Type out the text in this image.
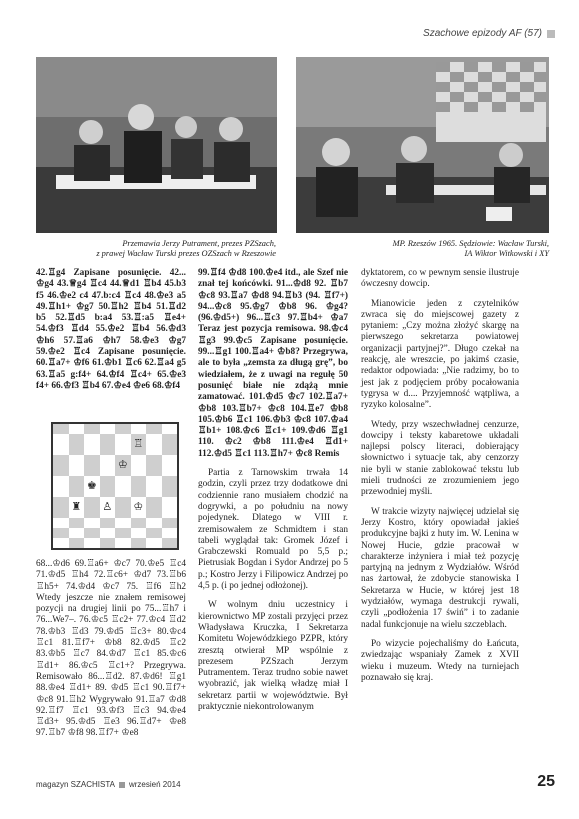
Szachowe epizody AF (57)
Przemawia Jerzy Putrament, prezes PZSzach,
z prawej Wacław Turski prezes OZSzach w Rzeszowie
MP. Rzeszów 1965. Sędziowie: Wacław Turski,
IA Wiktor Witkowski i XY

42.♖g4 Zapisane posunięcie. 42... ♔g4 43.♕g4 ♖c4 44.♕d1 ♖b4 45.b3 f5 46.♔e2 c4 47.b:c4 ♖c4 48.♔e3 a5 49.♖h1+ ♔g7 50.♖h2 ♖b4 51.♖d2 b5 52.♖d5 b:a4 53.♖:a5 ♖e4+ 54.♔f3 ♖d4 55.♔e2 ♖b4 56.♔d3 ♔h6 57.♖a6 ♔h7 58.♔e3 ♔g7 59.♔e2 ♖c4 Zapisane posunięcie. 60.♖a7+ ♔f6 61.♔b1 ♖c6 62.♖a4 g5 63.♖a5 g:f4+ 64.♔f4 ♖c4+ 65.♔e3 f4+ 66.♔f3 ♖b4 67.♔e4 ♔e6 68.♔f4

♖
♔
♚
♜ ♙ ♔

68...♔d6 69.♖a6+ ♔c7 70.♔e5 ♖c4 71.♔d5 ♖h4 72.♖c6+ ♔d7 73.♖b6 ♖h5+ 74.♔d4 ♔c7 75. ♖f6 ♖h2 Wtedy jeszcze nie znałem remisowej pozycji na drugiej linii po 75...♖h7 i 76...We7–. 76.♔c5 ♖c2+ 77.♔c4 ♖d2 78.♔b3 ♖d3 79.♔d5 ♖c3+ 80.♔c4 ♖c1 81.♖f7+ ♔b8 82.♔d5 ♖c2 83.♔b5 ♖c7 84.♔d7 ♖c1 85.♔c6 ♖d1+ 86.♔c5 ♖c1+? Przegrywa. Remisowało 86...♖d2. 87.♔d6! ♖g1 88.♔e4 ♖d1+ 89. ♔d5 ♖c1 90.♖f7+ ♔c8 91.♖h2 Wygrywało 91.♖a7 ♔d8 92.♖f7 ♖c1 93.♔f3 ♖c3 94.♔e4 ♖d3+ 95.♔d5 ♖e3 96.♖d7+ ♔e8 97.♖b7 ♔f8 98.♖f7+ ♔e8

99.♖f4 ♔d8 100.♔e4 itd., ale Szef nie znał tej końcówki. 91...♔d8 92. ♖b7 ♔c8 93.♖a7 ♔d8 94.♖b3 (94. ♖f7+) 94...♔c8 95.♔g7 ♔b8 96. ♔g4? (96.♔d5+) 96...♖c3 97.♖b4+ ♔a7 Teraz jest pozycja remisowa. 98.♔c4 ♖g3 99.♔c5 Zapisane posunięcie. 99...♖g1 100.♖a4+ ♔b8? Przegrywa, ale to była „zemsta za długą grę”, bo wiedziałem, że z uwagi na regułę 50 posunięć białe nie zdążą mnie zamatować. 101.♔d5 ♔c7 102.♖a7+ ♔b8 103.♖b7+ ♔c8 104.♖e7 ♔b8 105.♔b6 ♖c1 106.♔b3 ♔c8 107.♔a4 ♖b1+ 108.♔c6 ♖c1+ 109.♔d6 ♖g1 110. ♔c2 ♔b8 111.♔e4 ♖d1+ 112.♔d5 ♖c1 113.♖h7+ ♔c8 Remis

Partia z Tarnowskim trwała 14 godzin, czyli przez trzy dodatkowe dni codziennie rano musiałem chodzić na dogrywki, a po południu na nowy pojedynek. Dlatego w VIII r. zremisowałem ze Schmidtem i stan tabeli wyglądał tak: Gromek Józef i Grabczewski Romuald po 5,5 p.; Pietrusiak Bogdan i Sydor Andrzej po 5 p.; Kostro Jerzy i Filipowicz Andrzej po 4,5 p. (i po jednej odłożonej).

W wolnym dniu uczestnicy i kierownictwo MP zostali przyjęci przez Władysława Kruczka, I Sekretarza Komitetu Wojewódzkiego PZPR, który zresztą otwierał MP wspólnie z prezesem PZSzach Jerzym Putramentem. Teraz trudno sobie nawet wyobrazić, jak wielką władzę miał I sekretarz partii w województwie. Był praktycznie niekontrolowanym

dyktatorem, co w pewnym sensie ilustruje ówczesny dowcip.

Mianowicie jeden z czytelników zwraca się do miejscowej gazety z pytaniem: „Czy można złożyć skargę na pierwszego sekretarza powiatowej organizacji partyjnej?”. Długo czekał na reakcję, ale wreszcie, po jakimś czasie, redaktor odpowiada: „Nie radzimy, bo to jest jak z podjęciem próby pocałowania tygrysa w d.... Przyjemność wątpliwa, a ryzyko kolosalne”.

Wtedy, przy wszechwładnej cenzurze, dowcipy i teksty kabaretowe układali najlepsi polscy literaci, dobierający słownictwo i sytuacje tak, aby cenzorzy nie byli w stanie zablokować tekstu lub mieli trudności ze zrozumieniem jego przewodniej myśli.

W trakcie wizyty najwięcej udzielał się Jerzy Kostro, który opowiadał jakieś produkcyjne bajki z huty im. W. Lenina w Nowej Hucie, gdzie pracował w charakterze inżyniera i miał też pozycję partyjną na jednym z Wydziałów. Wśród nas żartował, że zdobycie stanowiska I Sekretarza w Hucie, w której jest 18 wydziałów, wymaga destrukcji rywali, czyli „podłożenia 17 świń” i to zadanie nadal funkcjonuje na wielu szczeblach.

Po wizycie pojechaliśmy do Łańcuta, zwiedzając wspaniały Zamek z XVII wieku i muzeum. Wtedy na turniejach poznawało się kraj.

magazyn SZACHISTA wrzesień 2014	25
